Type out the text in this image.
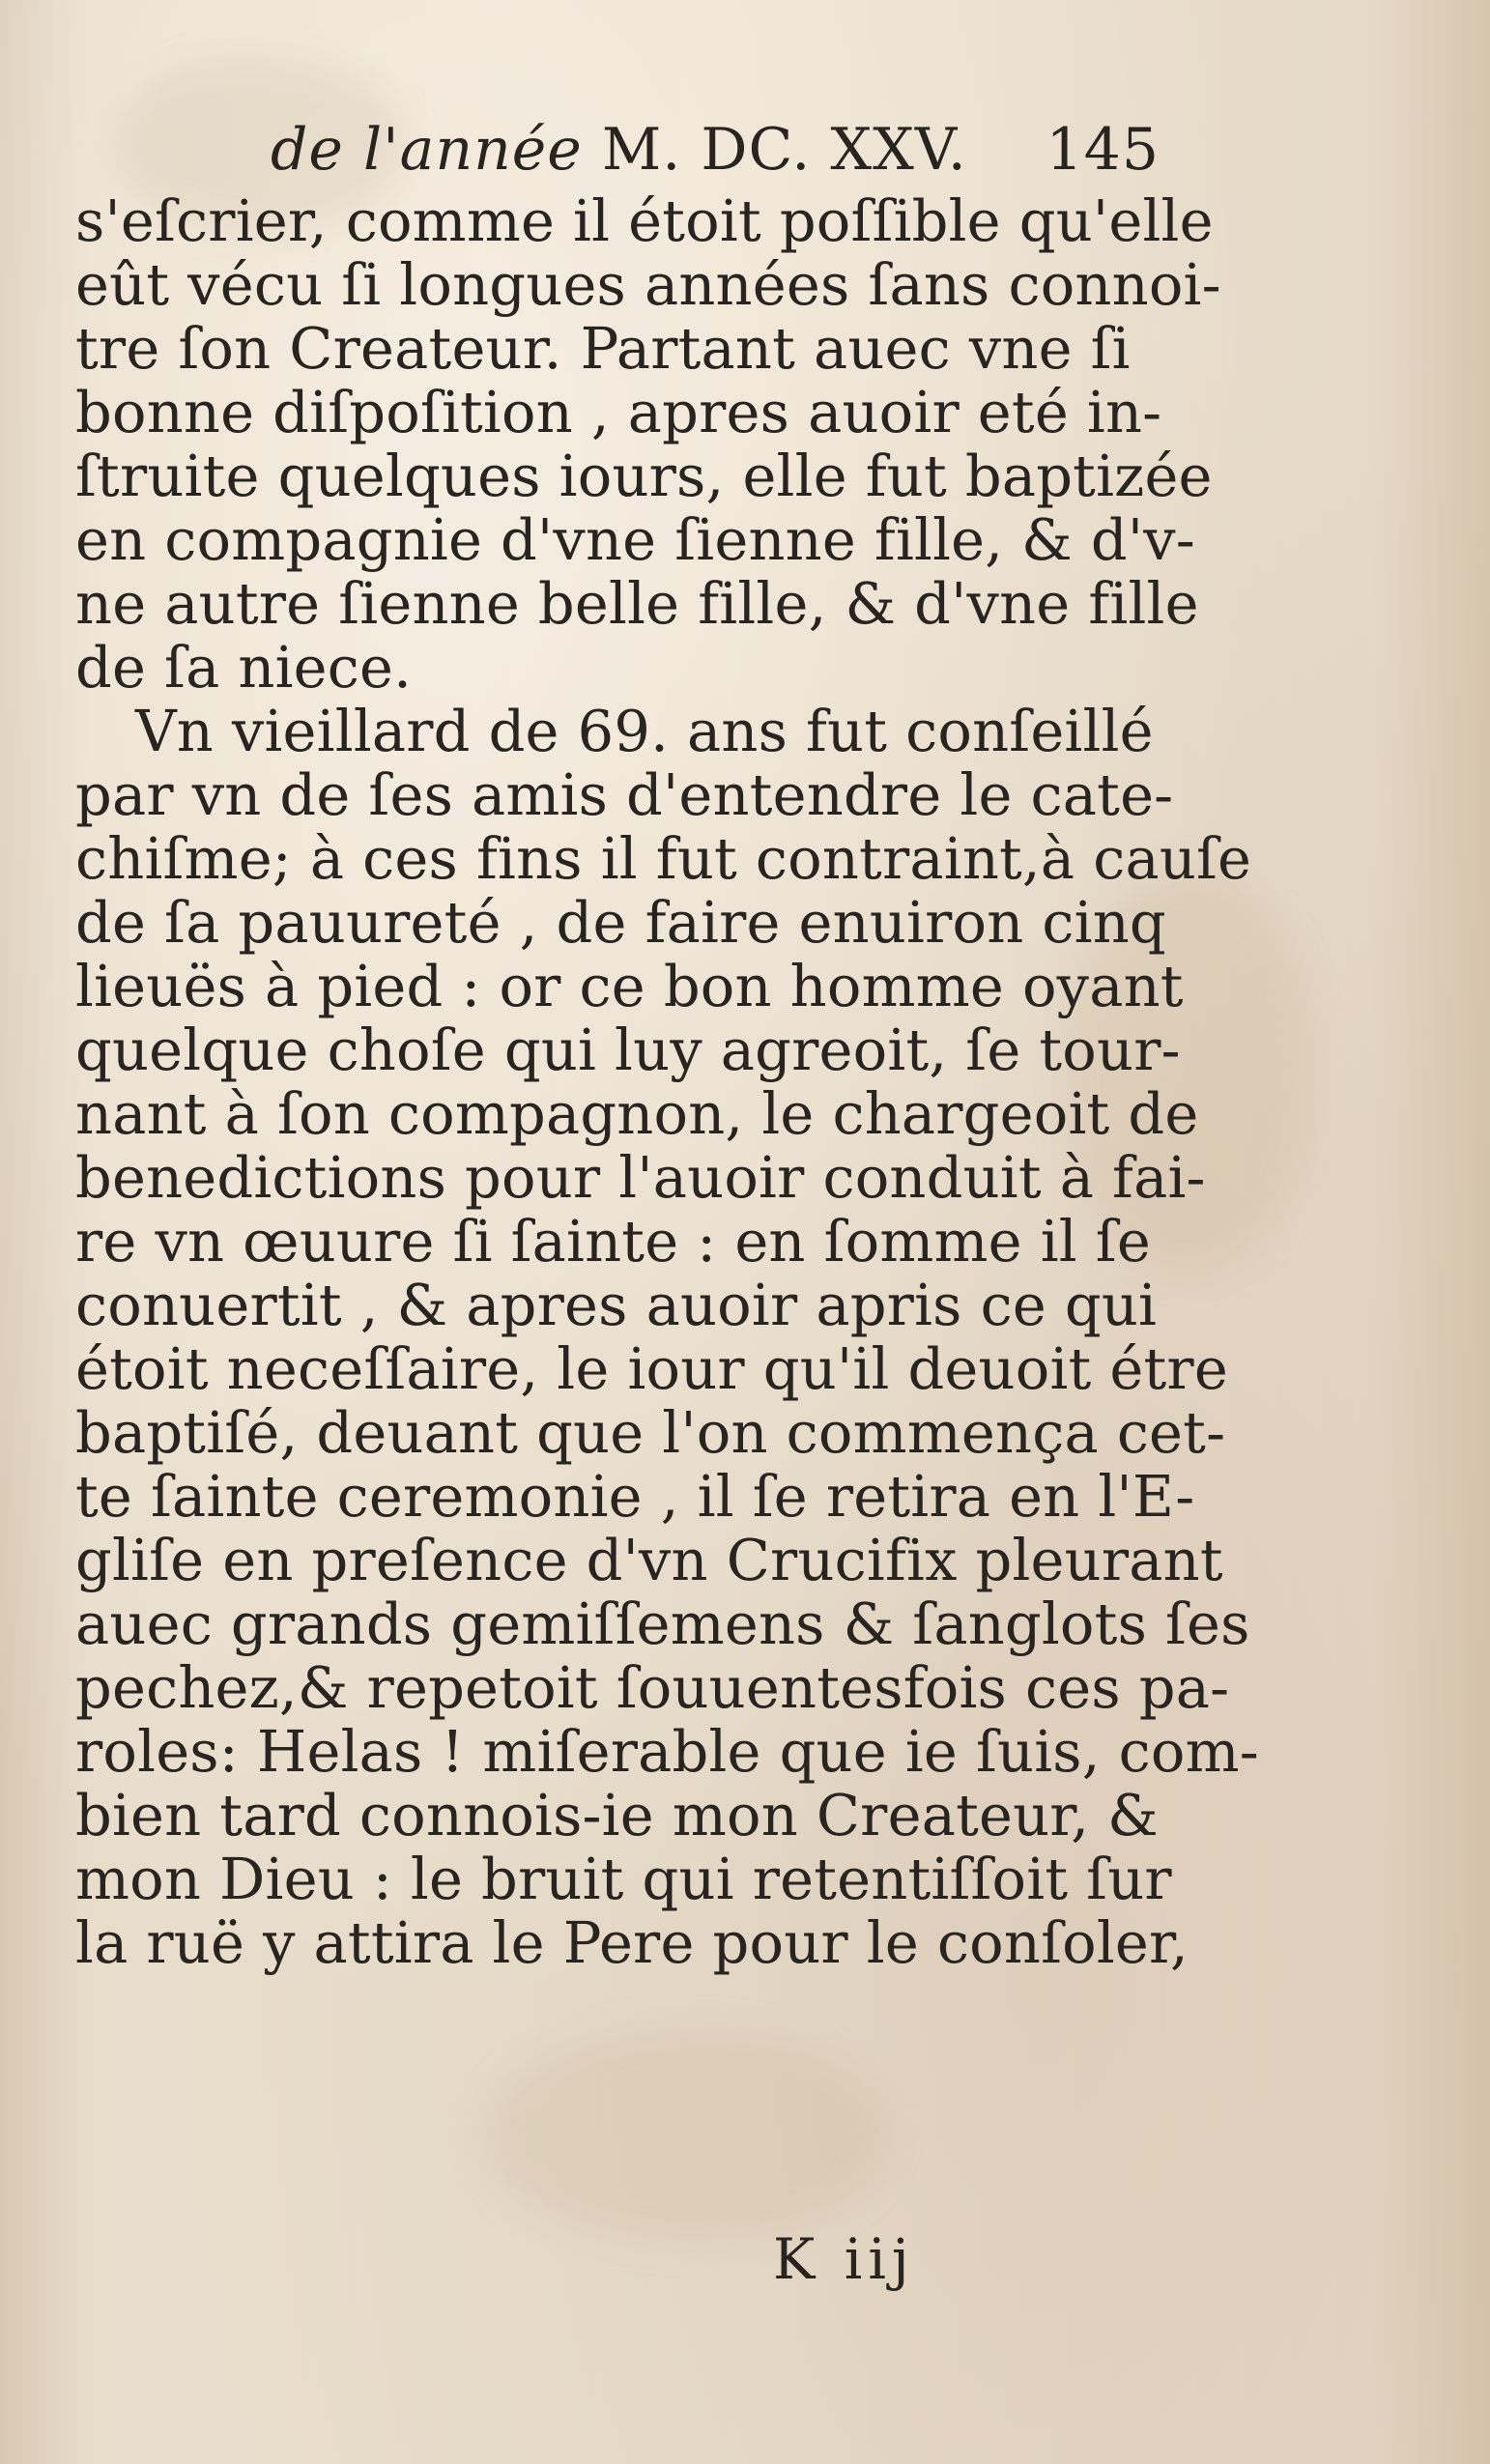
de l'année M. DC. XXV. 145
s'eſcrier, comme il étoit poſſible qu'elle
eût vécu ſi longues années ſans connoi-
tre ſon Createur. Partant auec vne ſi
bonne diſpoſition , apres auoir eté in-
ſtruite quelques iours, elle fut baptizée
en compagnie d'vne ſienne fille, & d'v-
ne autre ſienne belle fille, & d'vne fille
de ſa niece.
Vn vieillard de 69. ans fut conſeillé
par vn de ſes amis d'entendre le cate-
chiſme; à ces fins il fut contraint,à cauſe
de ſa pauureté , de faire enuiron cinq
lieuës à pied : or ce bon homme oyant
quelque choſe qui luy agreoit, ſe tour-
nant à ſon compagnon, le chargeoit de
benedictions pour l'auoir conduit à fai-
re vn œuure ſi ſainte : en ſomme il ſe
conuertit , & apres auoir apris ce qui
étoit neceſſaire, le iour qu'il deuoit étre
baptiſé, deuant que l'on commença cet-
te ſainte ceremonie , il ſe retira en l'E-
gliſe en preſence d'vn Crucifix pleurant
auec grands gemiſſemens & ſanglots ſes
pechez,& repetoit ſouuentesfois ces pa-
roles: Helas ! miſerable que ie ſuis, com-
bien tard connois-ie mon Createur, &
mon Dieu : le bruit qui retentiſſoit ſur
la ruë y attira le Pere pour le conſoler,
K iij
